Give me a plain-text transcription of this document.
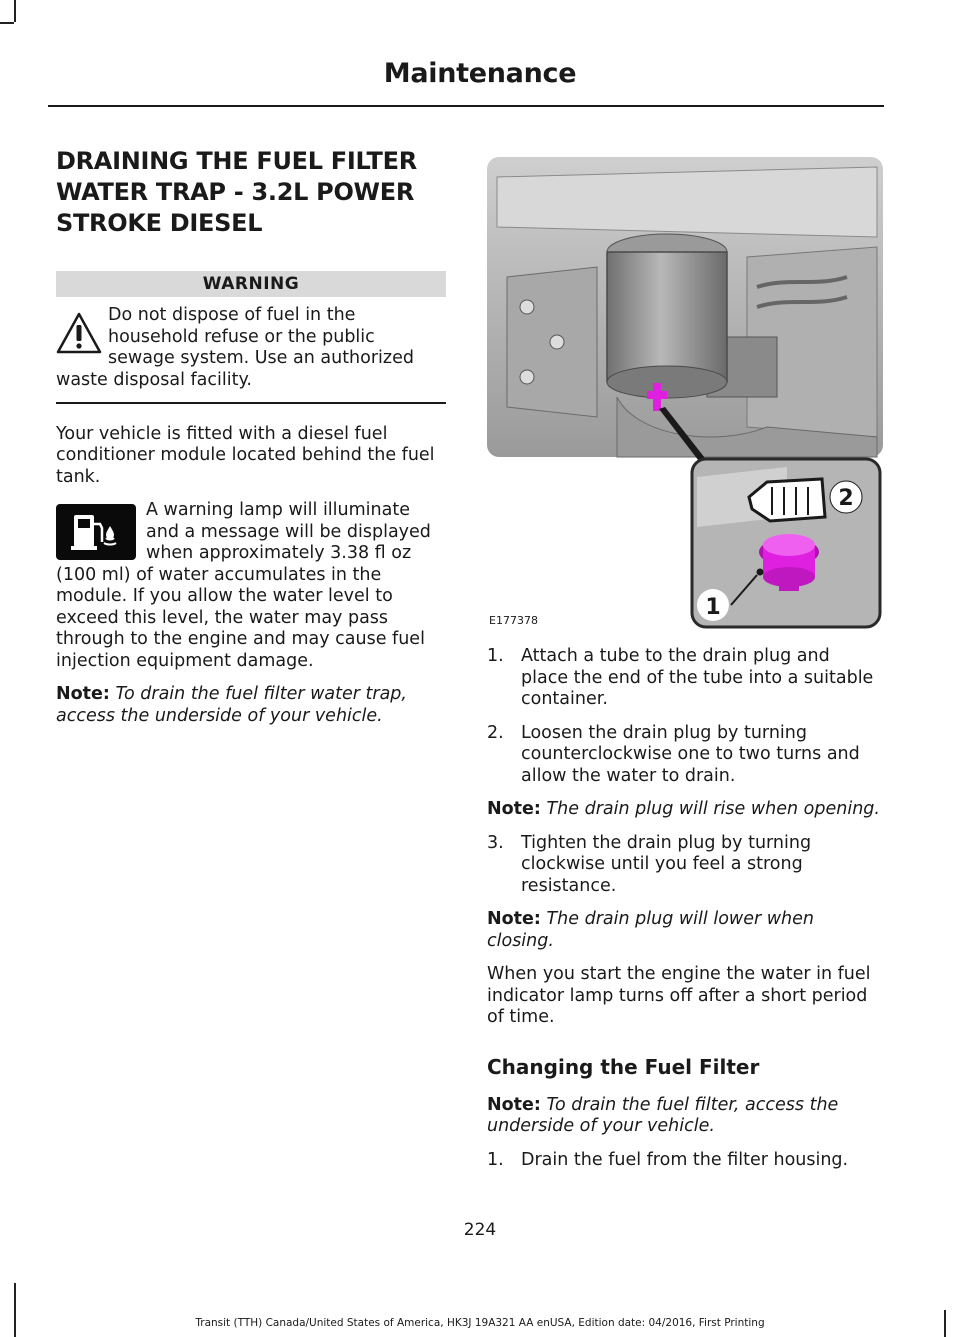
Maintenance
DRAINING THE FUEL FILTER WATER TRAP - 3.2L POWER STROKE DIESEL
WARNING
Do not dispose of fuel in the household refuse or the public sewage system. Use an authorized waste disposal facility.

Your vehicle is fitted with a diesel fuel conditioner module located behind the fuel tank.

A warning lamp will illuminate and a message will be displayed when approximately 3.38 fl oz (100 ml) of water accumulates in the module. If you allow the water level to exceed this level, the water may pass through to the engine and may cause fuel injection equipment damage.

Note: To drain the fuel filter water trap, access the underside of your vehicle.

2
1
E177378
1. Attach a tube to the drain plug and place the end of the tube into a suitable container.
2. Loosen the drain plug by turning counterclockwise one to two turns and allow the water to drain.

Note: The drain plug will rise when opening.

3. Tighten the drain plug by turning clockwise until you feel a strong resistance.

Note: The drain plug will lower when closing.

When you start the engine the water in fuel indicator lamp turns off after a short period of time.

Changing the Fuel Filter

Note: To drain the fuel filter, access the underside of your vehicle.

1. Drain the fuel from the filter housing.
224
Transit (TTH) Canada/United States of America, HK3J 19A321 AA enUSA, Edition date: 04/2016, First Printing
